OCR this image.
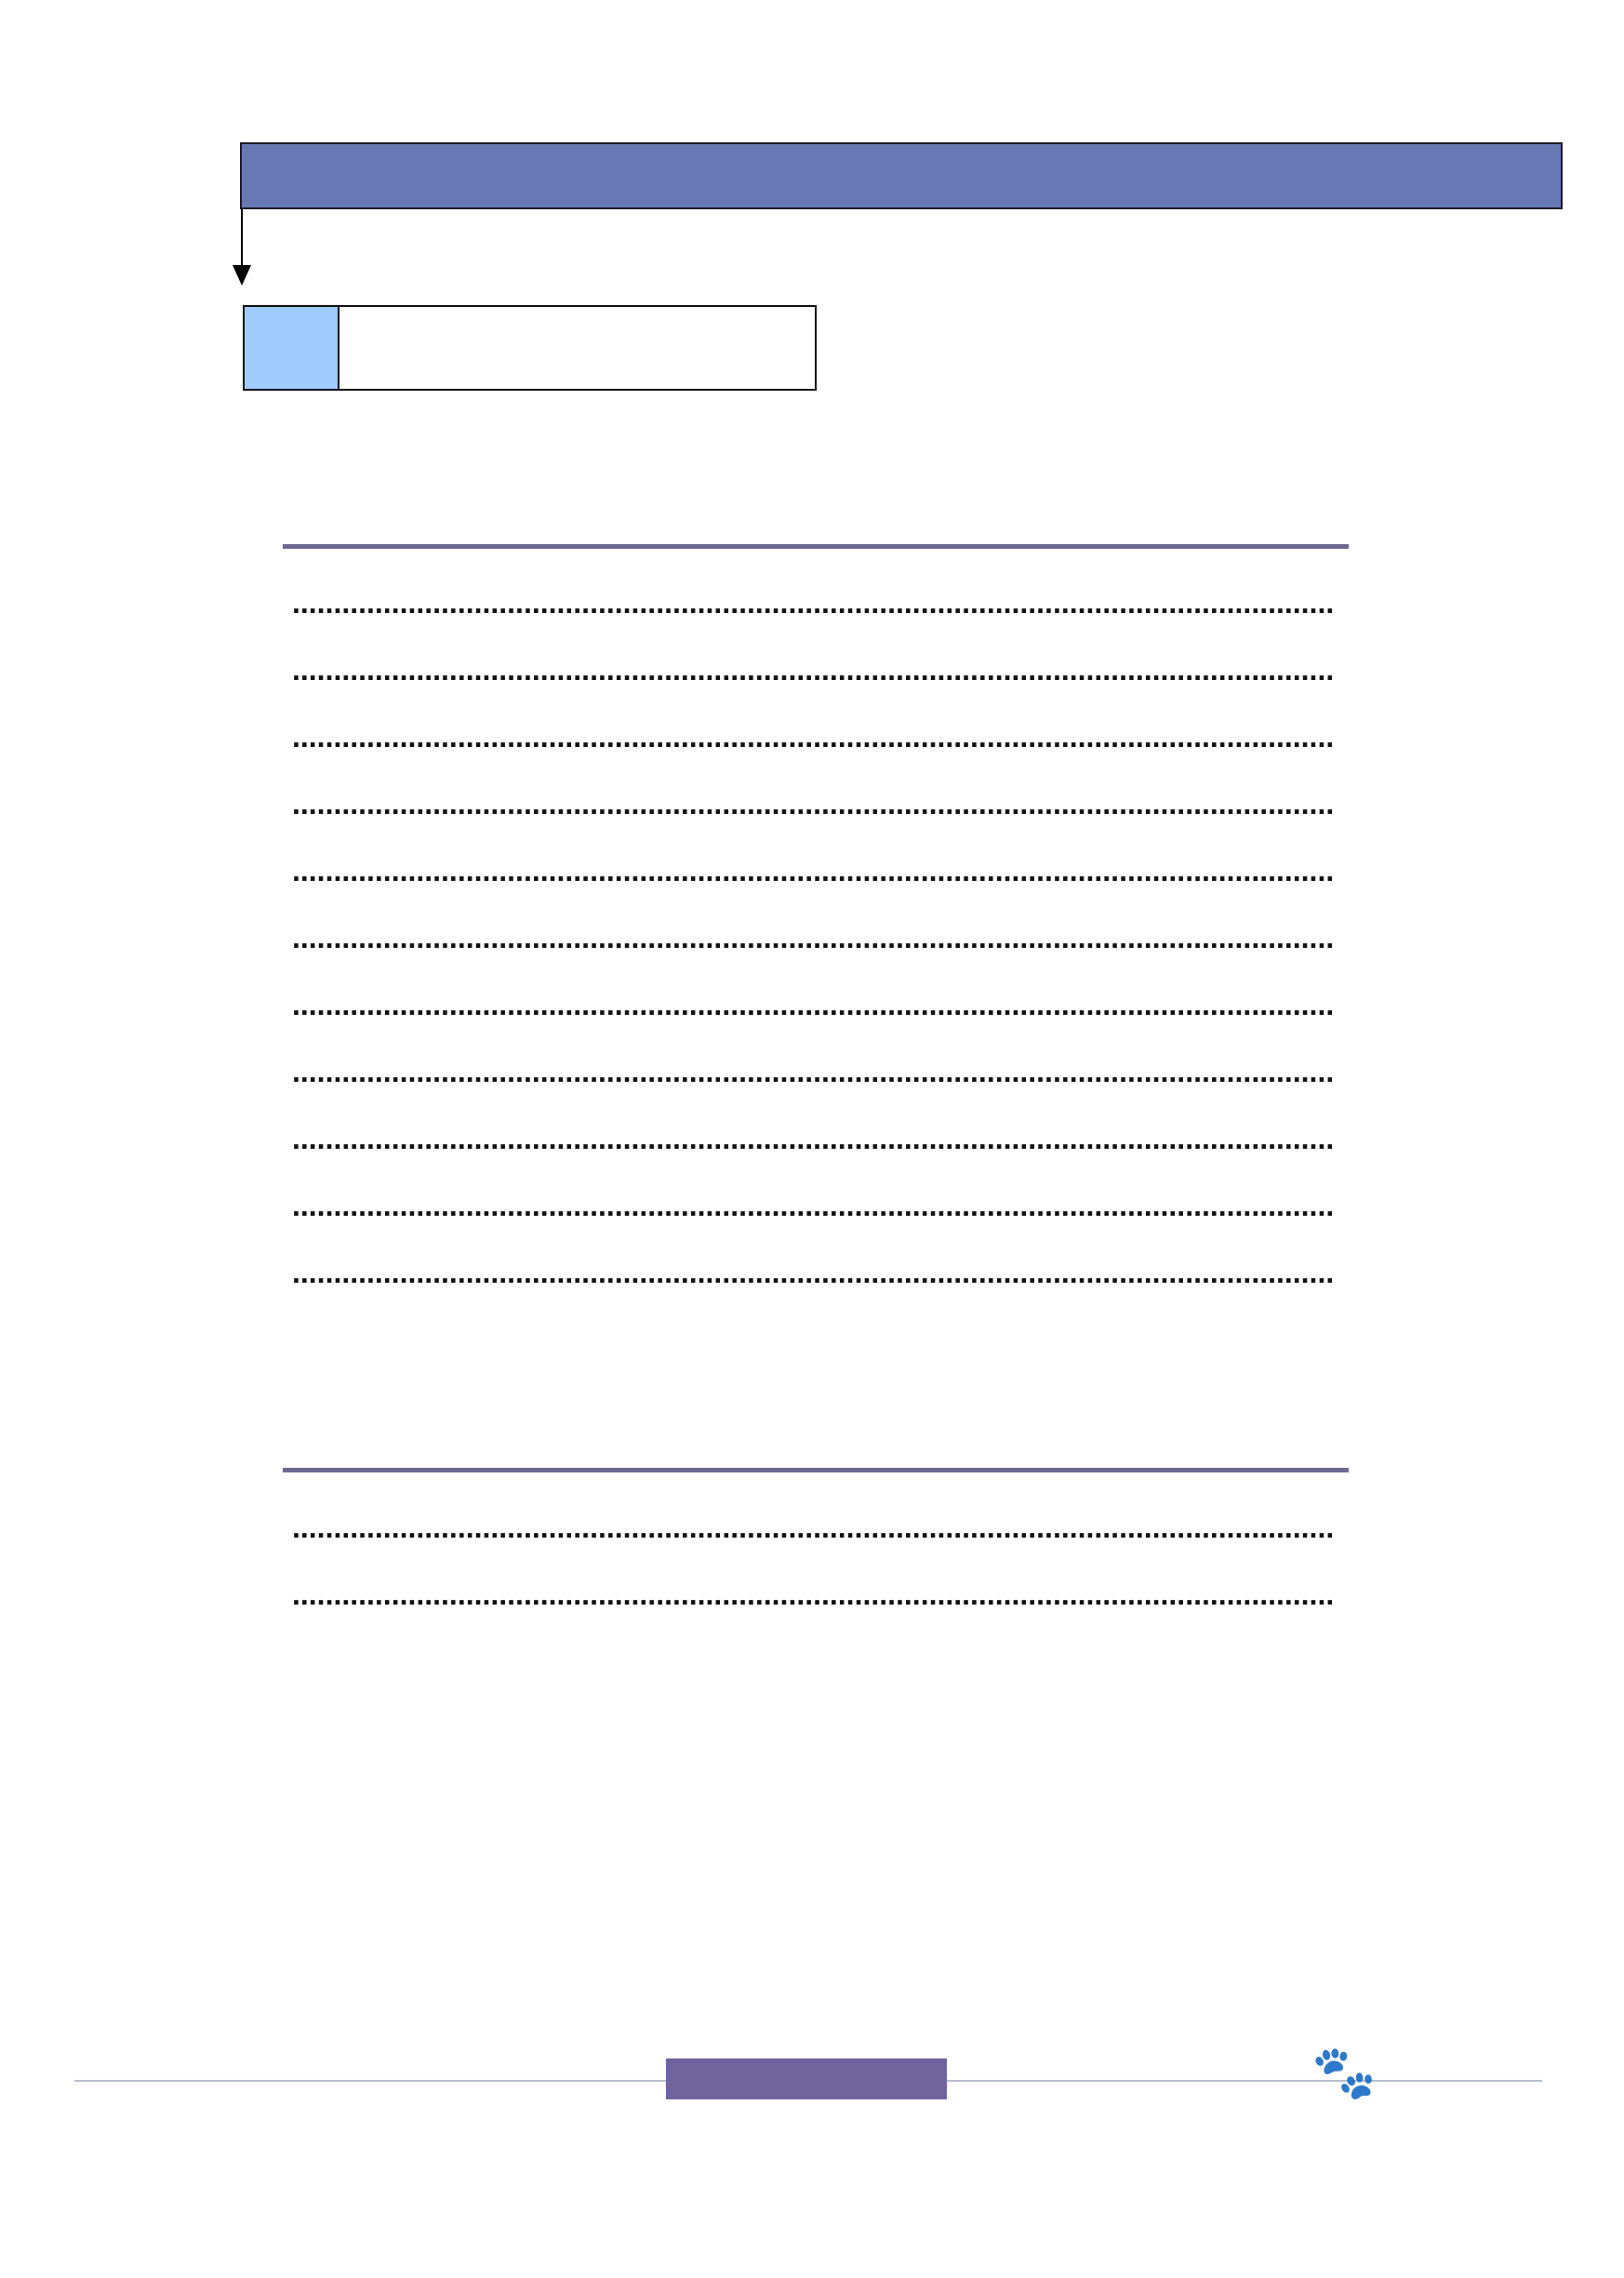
.....
.....
.....
.....
.....
.....
.....
.....
.....
.....
.....
.....
.....
🐾
